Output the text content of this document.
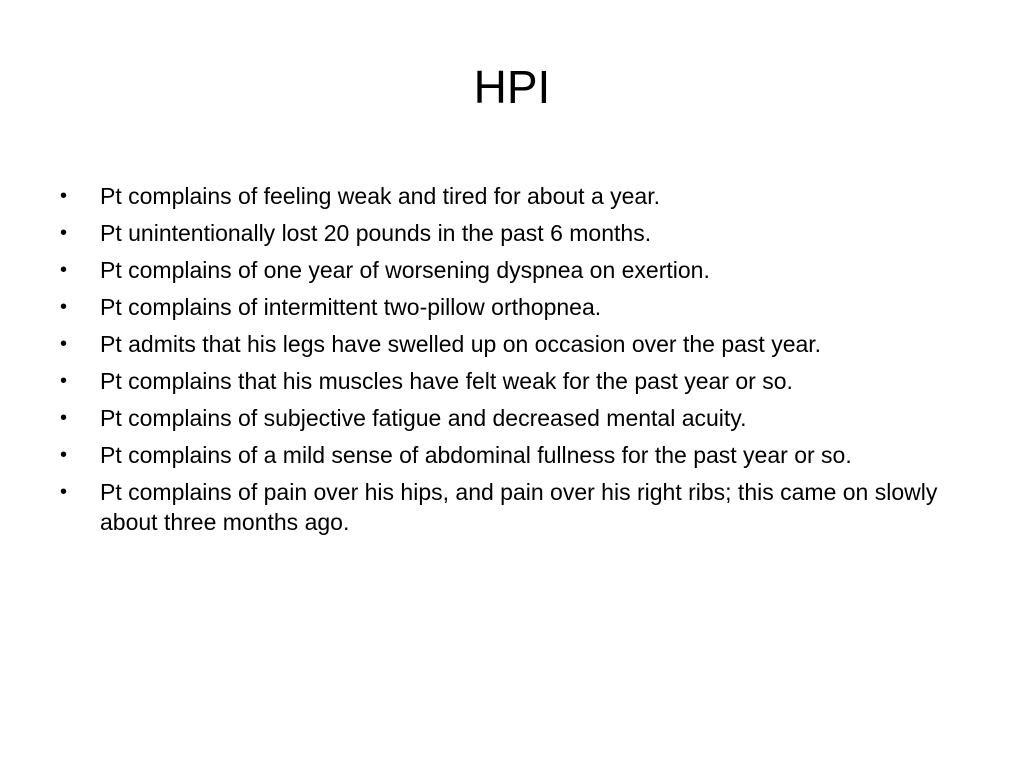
HPI
•	Pt complains of feeling weak and tired for about a year.
•	Pt unintentionally lost 20 pounds in the past 6 months.
•	Pt complains of one year of worsening dyspnea on exertion.
•	Pt complains of intermittent two-pillow orthopnea.
•	Pt admits that his legs have swelled up on occasion over the past year.
•	Pt complains that his muscles have felt weak for the past year or so.
•	Pt complains of subjective fatigue and decreased mental acuity.
•	Pt complains of a mild sense of abdominal fullness for the past year or so.
•	Pt complains of pain over his hips, and pain over his right ribs; this came on slowly about three months ago.
